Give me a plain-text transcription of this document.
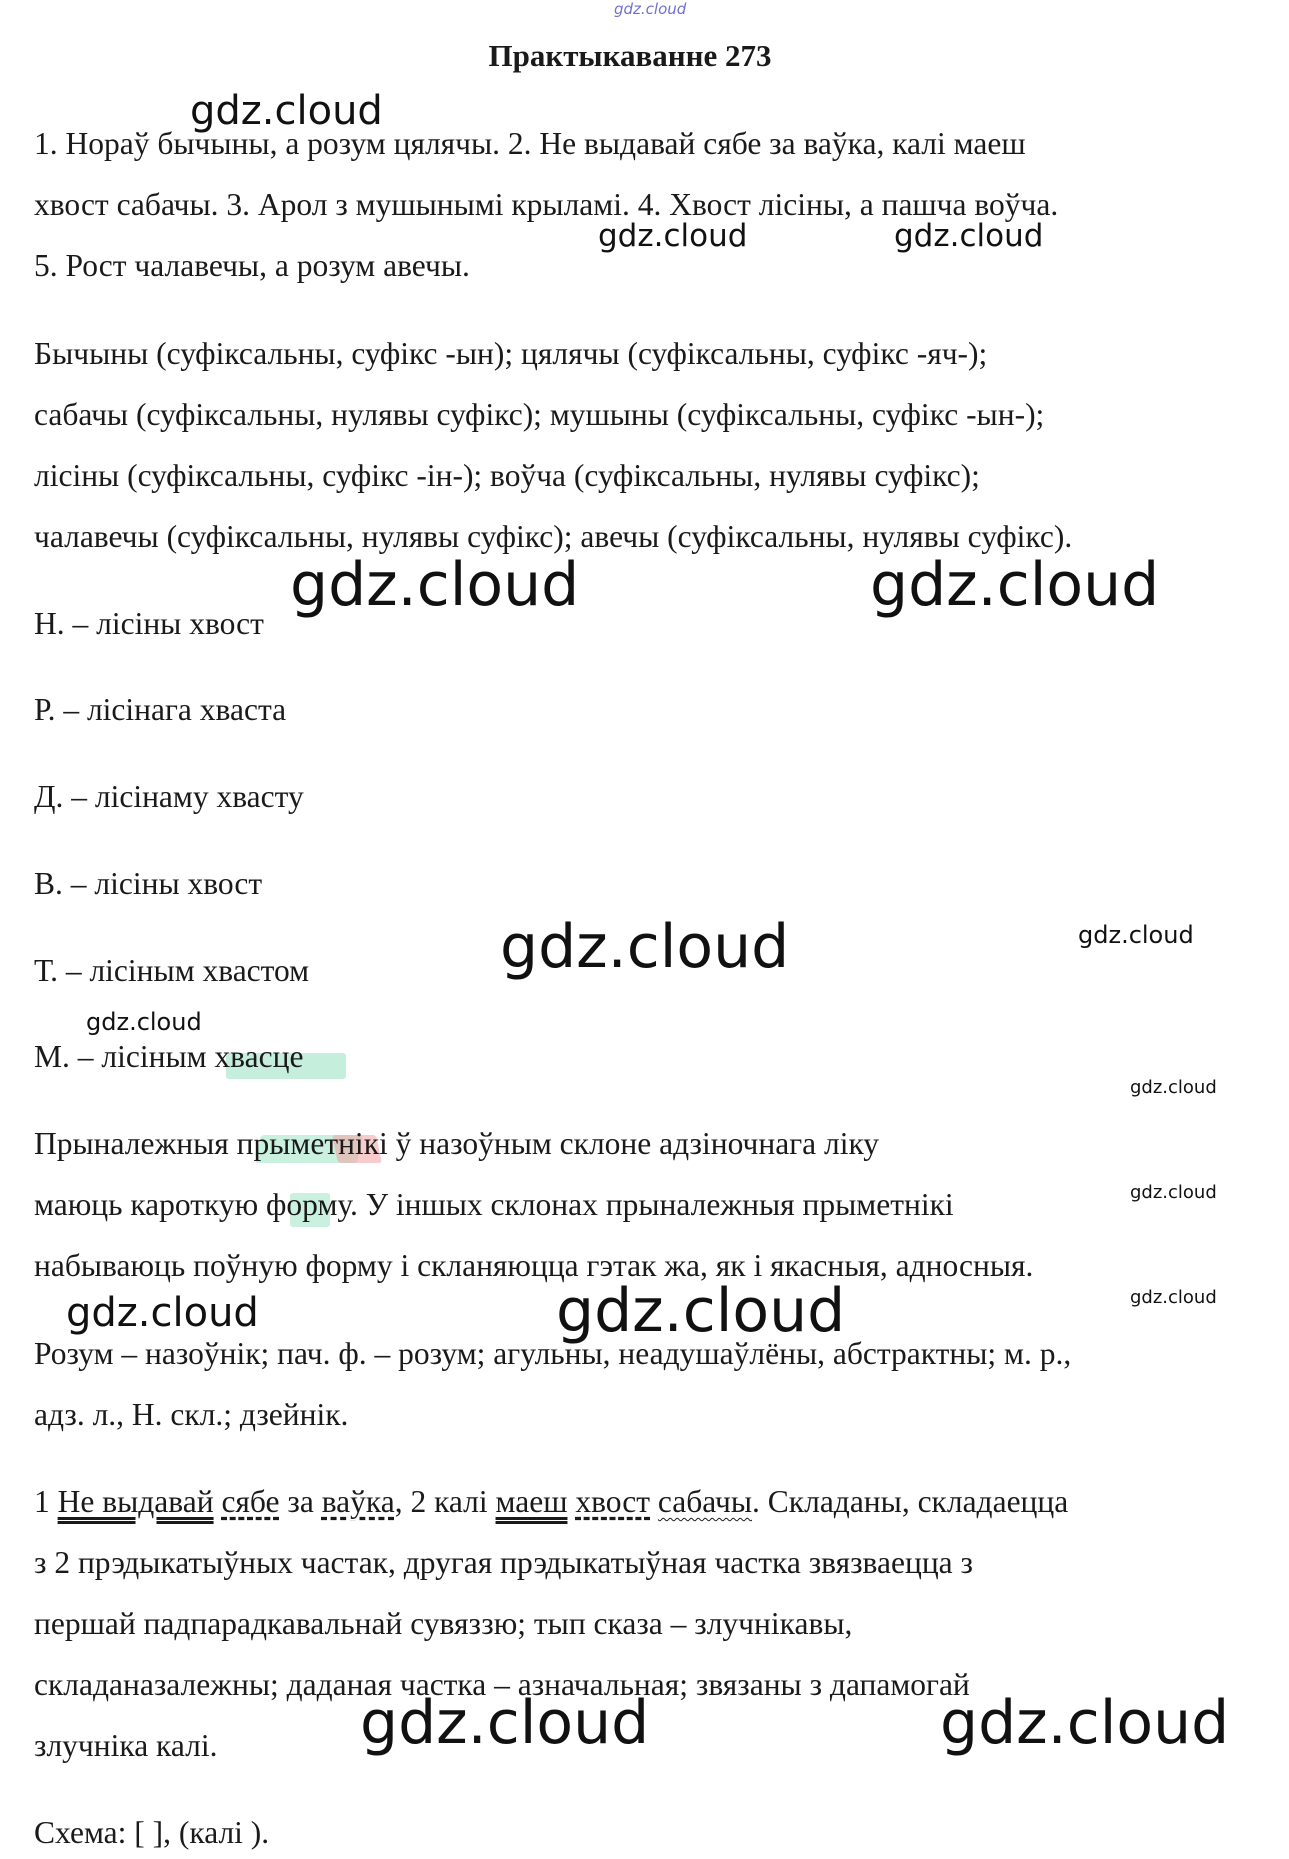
gdz.cloud
Практыкаванне 273
1. Нораў бычыны, а розум цялячы. 2. Не выдавай сябе за ваўка, калі маеш
хвост сабачы. 3. Арол з мушынымі крыламі. 4. Хвост лісіны, а пашча воўча.
5. Рост чалавечы, а розум авечы.
Бычыны (суфіксальны, суфікс -ын); цялячы (суфіксальны, суфікс -яч-);
сабачы (суфіксальны, нулявы суфікс); мушыны (суфіксальны, суфікс -ын-);
лісіны (суфіксальны, суфікс -ін-); воўча (суфіксальны, нулявы суфікс);
чалавечы (суфіксальны, нулявы суфікс); авечы (суфіксальны, нулявы суфікс).
Н. – лісіны хвост
Р. – лісінага хваста
Д. – лісінаму хвасту
В. – лісіны хвост
Т. – лісіным хвастом
М. – лісіным хвасце
Прыналежныя прыметнікі ў назоўным склоне адзіночнага ліку
маюць кароткую форму. У іншых склонах прыналежныя прыметнікі
набываюць поўную форму і скланяюцца гэтак жа, як і якасныя, адносныя.
Розум – назоўнік; пач. ф. – розум; агульны, неадушаўлёны, абстрактны; м. р.,
адз. л., Н. скл.; дзейнік.
1 Не выдавай сябе за ваўка, 2 калі маеш хвост сабачы. Складаны, складаецца
з 2 прэдыкатыўных частак, другая прэдыкатыўная частка звязваецца з
першай падпарадкавальнай сувяззю; тып сказа – злучнікавы,
складаназалежны; даданая частка – азначальная; звязаны з дапамогай
злучніка калі.
Схема: [ ], (калі ).
gdz.cloud
gdz.cloud	gdz.cloud
gdz.cloud	gdz.cloud
gdz.cloud	gdz.cloud
gdz.cloud
gdz.cloud
gdz.cloud
gdz.cloud
gdz.cloud	gdz.cloud
gdz.cloud	gdz.cloud
